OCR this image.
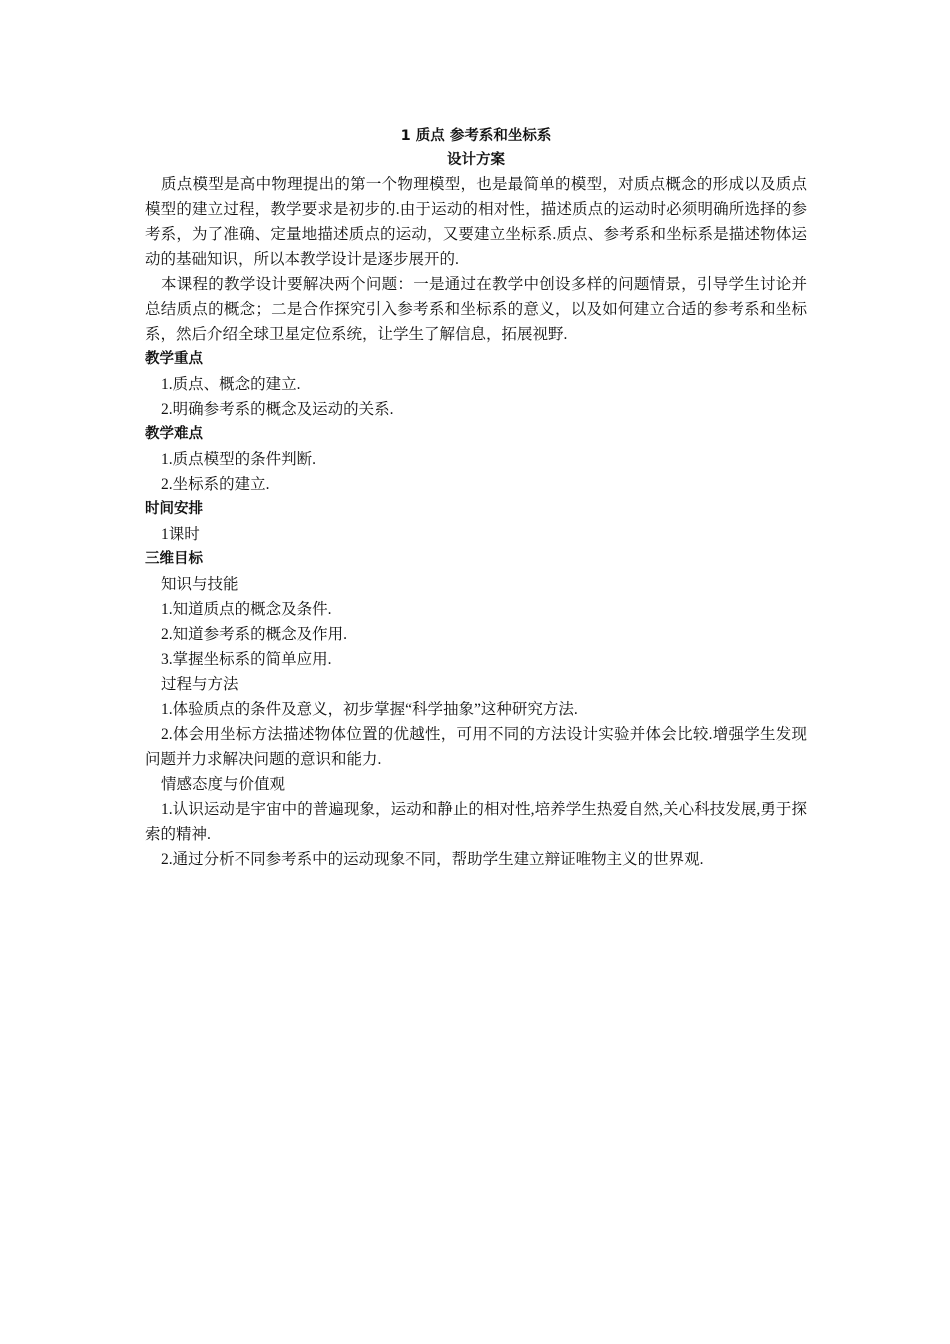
1 质点 参考系和坐标系
设计方案

质点模型是高中物理提出的第一个物理模型，也是最简单的模型，对质点概念的形成以及质点模型的建立过程，教学要求是初步的.由于运动的相对性，描述质点的运动时必须明确所选择的参考系，为了准确、定量地描述质点的运动，又要建立坐标系.质点、参考系和坐标系是描述物体运动的基础知识，所以本教学设计是逐步展开的.

本课程的教学设计要解决两个问题：一是通过在教学中创设多样的问题情景，引导学生讨论并总结质点的概念；二是合作探究引入参考系和坐标系的意义，以及如何建立合适的参考系和坐标系，然后介绍全球卫星定位系统，让学生了解信息，拓展视野.

教学重点

1.质点、概念的建立.

2.明确参考系的概念及运动的关系.

教学难点

1.质点模型的条件判断.

2.坐标系的建立.

时间安排

1课时

三维目标

知识与技能

1.知道质点的概念及条件.

2.知道参考系的概念及作用.

3.掌握坐标系的简单应用.

过程与方法

1.体验质点的条件及意义，初步掌握“科学抽象”这种研究方法.

2.体会用坐标方法描述物体位置的优越性，可用不同的方法设计实验并体会比较.增强学生发现问题并力求解决问题的意识和能力.

情感态度与价值观

1.认识运动是宇宙中的普遍现象，运动和静止的相对性,培养学生热爱自然,关心科技发展,勇于探索的精神.

2.通过分析不同参考系中的运动现象不同，帮助学生建立辩证唯物主义的世界观.
